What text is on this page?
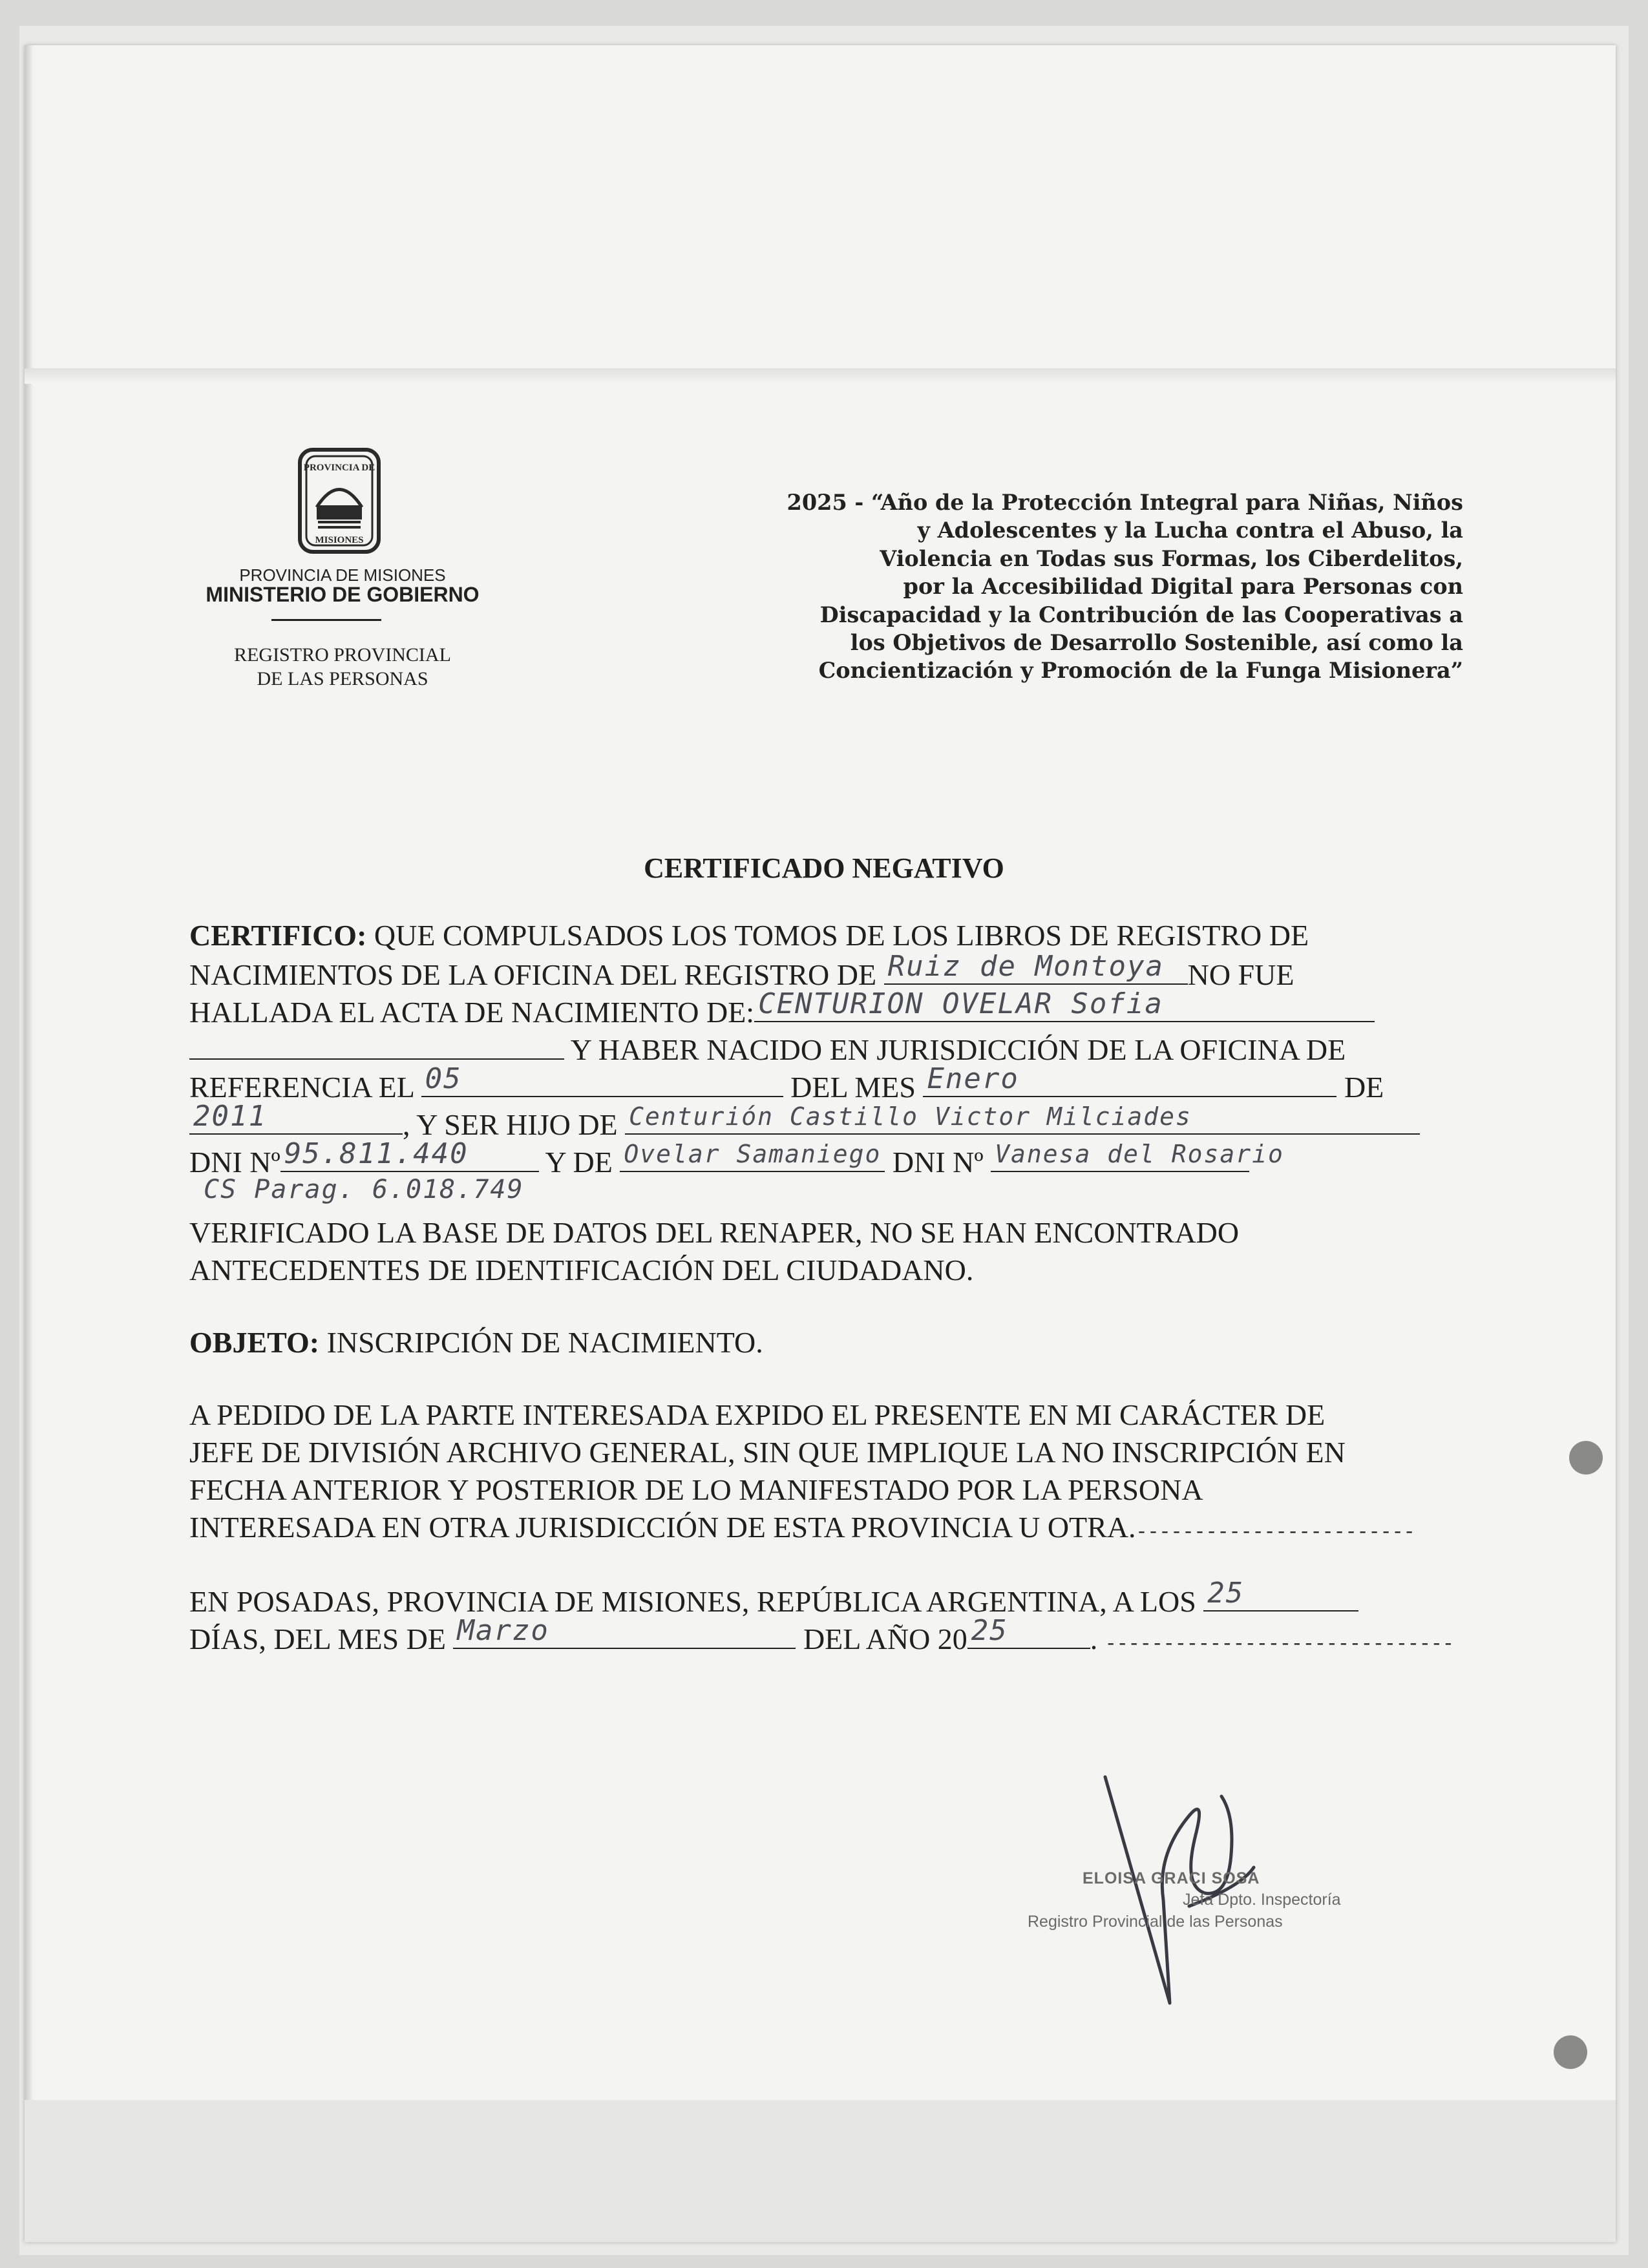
PROVINCIA DE
MISIONES
PROVINCIA DE MISIONES
MINISTERIO DE GOBIERNO
REGISTRO PROVINCIAL
DE LAS PERSONAS
2025 - “Año de la Protección Integral para Niñas, Niños
y Adolescentes y la Lucha contra el Abuso, la
Violencia en Todas sus Formas, los Ciberdelitos,
por la Accesibilidad Digital para Personas con
Discapacidad y la Contribución de las Cooperativas a
los Objetivos de Desarrollo Sostenible, así como la
Concientización y Promoción de la Funga Misionera”
CERTIFICADO NEGATIVO
CERTIFICO: QUE COMPULSADOS LOS TOMOS DE LOS LIBROS DE REGISTRO DE
NACIMIENTOS DE LA OFICINA DEL REGISTRO DE Ruiz de Montoya NO FUE
HALLADA EL ACTA DE NACIMIENTO DE: CENTURION OVELAR Sofia
Y HABER NACIDO EN JURISDICCIÓN DE LA OFICINA DE
REFERENCIA EL 05	DEL MES Enero	DE
2011	, Y SER HIJO DE Centurión Castillo Victor Milciades
DNI Nº 95.811.440 Y DE Ovelar Samaniego DNI Nº Vanesa del Rosario
CS Parag. 6.018.749
VERIFICADO LA BASE DE DATOS DEL RENAPER, NO SE HAN ENCONTRADO
ANTECEDENTES DE IDENTIFICACIÓN DEL CIUDADANO.
OBJETO: INSCRIPCIÓN DE NACIMIENTO.
A PEDIDO DE LA PARTE INTERESADA EXPIDO EL PRESENTE EN MI CARÁCTER DE
JEFE DE DIVISIÓN ARCHIVO GENERAL, SIN QUE IMPLIQUE LA NO INSCRIPCIÓN EN
FECHA ANTERIOR Y POSTERIOR DE LO MANIFESTADO POR LA PERSONA
INTERESADA EN OTRA JURISDICCIÓN DE ESTA PROVINCIA U OTRA.------------------------
EN POSADAS, PROVINCIA DE MISIONES, REPÚBLICA ARGENTINA, A LOS 25
DÍAS, DEL MES DE Marzo	DEL AÑO 20 25	. ------------------------------
ELOISA GRACI SOSA
Jefa Dpto. Inspectoría
Registro Provincial de las Personas
